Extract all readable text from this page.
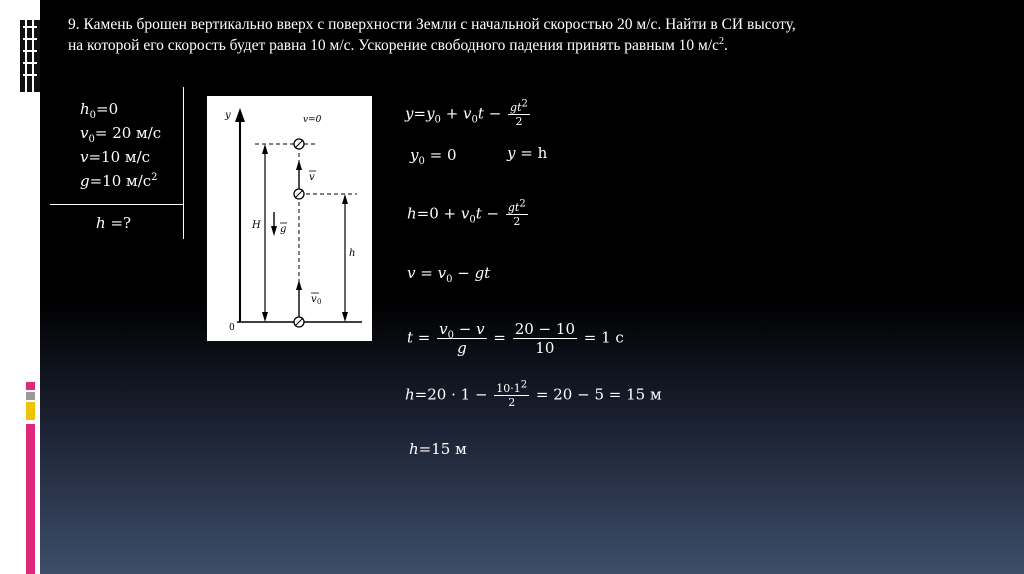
9. Камень брошен вертикально вверх с поверхности Земли с начальной скоростью 20 м/с. Найти в СИ высоту,
на которой его скорость будет равна 10 м/с. Ускорение свободного падения принять равным 10 $м/с^2$.
$h_0=0$
$v_0= 20$ м/с
v=10 м/с
g=10 $м/с^2$
h =?
y
H
h
v=0
v
g
v 0
0
$y=y_0 + v_0t - \frac{gt^2}{2}$
$y_0 = 0$	y = h
$h=0 + v_0t - \frac{gt^2}{2}$
$v = v_0$ − gt
$t = \frac{v_0 - v}{g} = \frac{20 - 10}{10} = 1$ c
$h=20 \cdot 1 - \frac{10\cdot 1^2}{2} = 20 - 5 = 15$ м
h=15 м
